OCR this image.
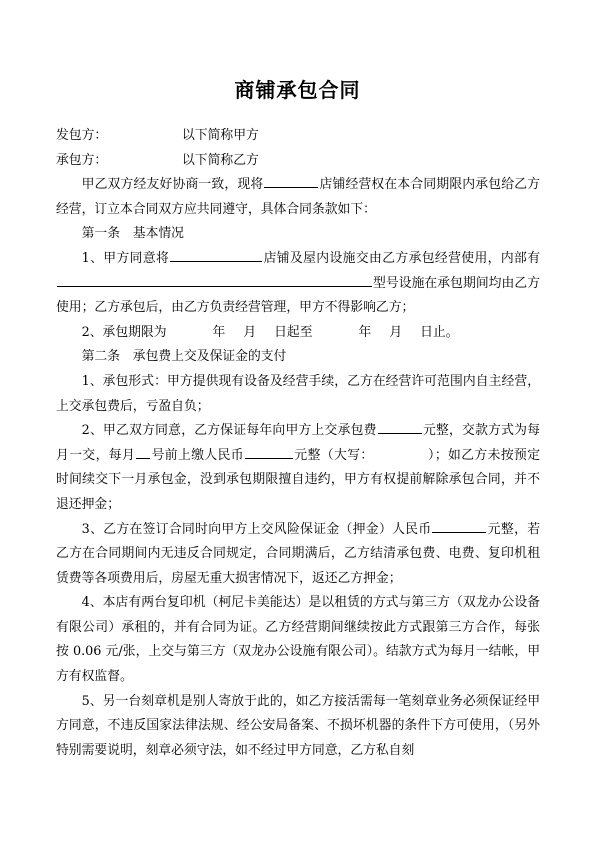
商铺承包合同

发包方：	以下简称甲方

承包方：	以下简称乙方

甲乙双方经友好协商一致，现将	店铺经营权在本合同期限内承包给乙方经营，订立本合同双方应共同遵守，具体合同条款如下：

第一条　基本情况

1、甲方同意将	店铺及屋内设施交由乙方承包经营使用，内部有型号设施在承包期间均由乙方使用；乙方承包后，由乙方负责经营管理，甲方不得影响乙方；

2、承包期限为	年 月 日起至	年 月 日止。

第二条　承包费上交及保证金的支付

1、承包形式：甲方提供现有设备及经营手续，乙方在经营许可范围内自主经营，上交承包费后，亏盈自负；

2、甲乙双方同意，乙方保证每年向甲方上交承包费	元整，交款方式为每月一交，每月 号前上缴人民币	元整（大写：	）；如乙方未按预定时间续交下一月承包金，没到承包期限擅自违约，甲方有权提前解除承包合同，并不退还押金；

3、乙方在签订合同时向甲方上交风险保证金（押金）人民币	元整，若乙方在合同期间内无违反合同规定，合同期满后，乙方结清承包费、电费、复印机租赁费等各项费用后，房屋无重大损害情况下，返还乙方押金；

4、本店有两台复印机（柯尼卡美能达）是以租赁的方式与第三方（双龙办公设备有限公司）承租的，并有合同为证。乙方经营期间继续按此方式跟第三方合作，每张按 0.06 元/张，上交与第三方（双龙办公设施有限公司）。结款方式为每月一结帐，甲方有权监督。

5、另一台刻章机是别人寄放于此的，如乙方接活需每一笔刻章业务必须保证经甲方同意，不违反国家法律法规、经公安局备案、不损坏机器的条件下方可使用，（另外特别需要说明，刻章必须守法，如不经过甲方同意，乙方私自刻
